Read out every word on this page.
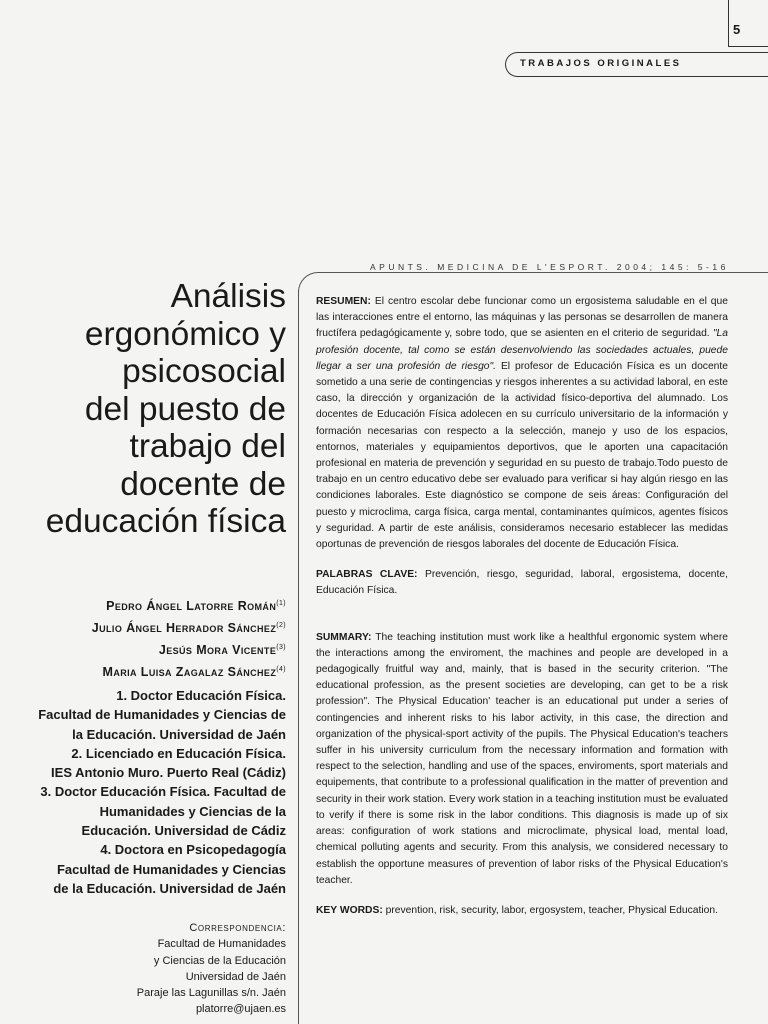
5
TRABAJOS ORIGINALES
APUNTS. MEDICINA DE L'ESPORT. 2004; 145: 5-16
Análisis
ergonómico y
psicosocial
del puesto de
trabajo del
docente de
educación física
Pedro Ángel Latorre Román$^{(1)}$
Julio Ángel Herrador Sánchez$^{(2)}$
Jesús Mora Vicente$^{(3)}$
Maria Luisa Zagalaz Sánchez$^{(4)}$
1. Doctor Educación Física.
Facultad de Humanidades y Ciencias de
la Educación. Universidad de Jaén
2. Licenciado en Educación Física.
IES Antonio Muro. Puerto Real (Cádiz)
3. Doctor Educación Física. Facultad de
Humanidades y Ciencias de la
Educación. Universidad de Cádiz
4. Doctora en Psicopedagogía
Facultad de Humanidades y Ciencias
de la Educación. Universidad de Jaén
Correspondencia:
Facultad de Humanidades
y Ciencias de la Educación
Universidad de Jaén
Paraje las Lagunillas s/n. Jaén
platorre@ujaen.es

RESUMEN: El centro escolar debe funcionar como un ergosistema saludable en el que las interacciones entre el entorno, las máquinas y las personas se desarrollen de manera fructífera pedagógicamente y, sobre todo, que se asienten en el criterio de seguridad. "La profesión docente, tal como se están desenvolviendo las sociedades actuales, puede llegar a ser una profesión de riesgo". El profesor de Educación Física es un docente sometido a una serie de contingencias y riesgos inherentes a su actividad laboral, en este caso, la dirección y organización de la actividad físico-deportiva del alumnado. Los docentes de Educación Física adolecen en su currículo universitario de la información y formación necesarias con respecto a la selección, manejo y uso de los espacios, entornos, materiales y equipamientos deportivos, que le aporten una capacitación profesional en materia de prevención y seguridad en su puesto de trabajo.Todo puesto de trabajo en un centro educativo debe ser evaluado para verificar si hay algún riesgo en las condiciones laborales. Este diagnóstico se compone de seis áreas: Configuración del puesto y microclima, carga física, carga mental, contaminantes químicos, agentes físicos y seguridad. A partir de este análisis, consideramos necesario establecer las medidas oportunas de prevención de riesgos laborales del docente de Educación Física.

PALABRAS CLAVE: Prevención, riesgo, seguridad, laboral, ergosistema, docente, Educación Física.

SUMMARY: The teaching institution must work like a healthful ergonomic system where the interactions among the enviroment, the machines and people are developed in a pedagogically fruitful way and, mainly, that is based in the security criterion. "The educational profession, as the present societies are developing, can get to be a risk profession". The Physical Education' teacher is an educational put under a series of contingencies and inherent risks to his labor activity, in this case, the direction and organization of the physical-sport activity of the pupils. The Physical Education's teachers suffer in his university curriculum from the necessary information and formation with respect to the selection, handling and use of the spaces, enviroments, sport materials and equipements, that contribute to a professional qualification in the matter of prevention and security in their work station. Every work station in a teaching institution must be evaluated to verify if there is some risk in the labor conditions. This diagnosis is made up of six areas: configuration of work stations and microclimate, physical load, mental load, chemical polluting agents and security. From this analysis, we considered necessary to establish the opportune measures of prevention of labor risks of the Physical Education's teacher.

KEY WORDS: prevention, risk, security, labor, ergosystem, teacher, Physical Education.
